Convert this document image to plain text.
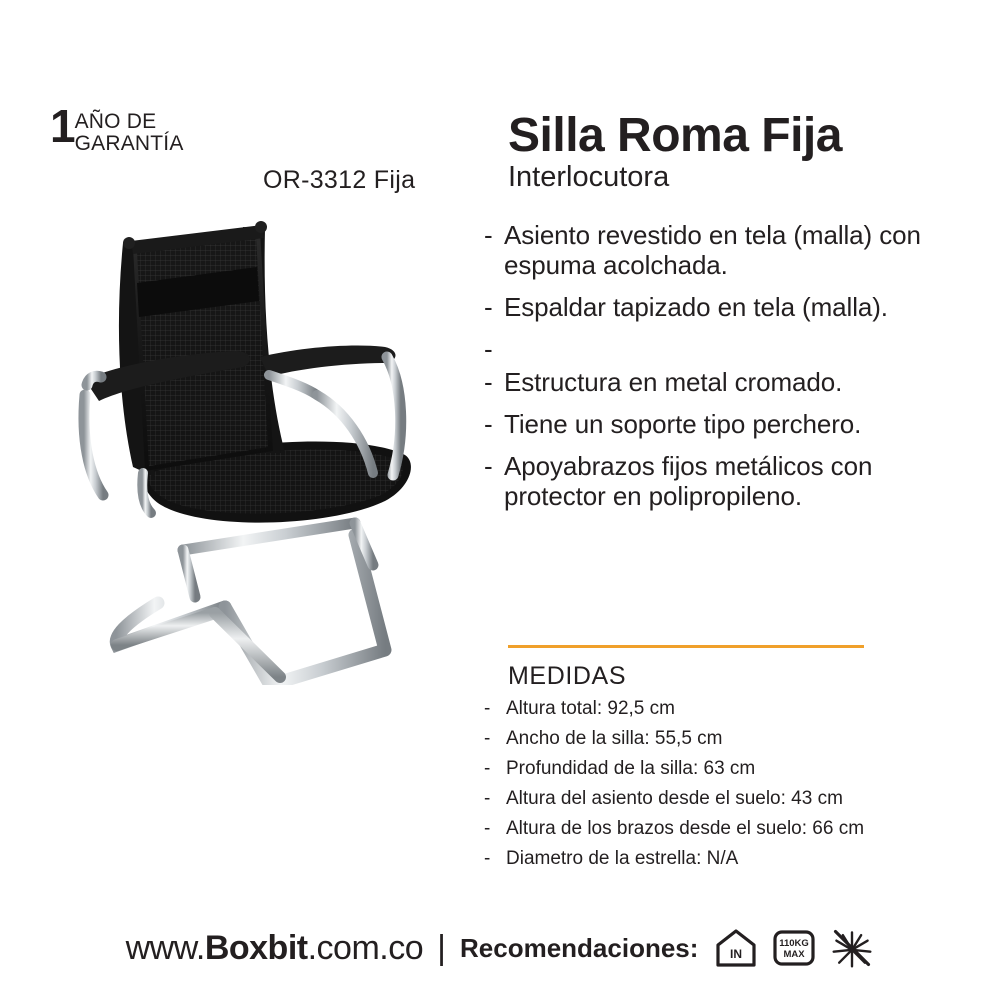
1 AÑO DE
GARANTÍA
OR-3312 Fija
Silla Roma Fija
Interlocutora
- Asiento revestido en tela (malla) con espuma acolchada.
- Espaldar tapizado en tela (malla).
-
- Estructura en metal cromado.
- Tiene un soporte tipo perchero.
- Apoyabrazos fijos metálicos con protector en polipropileno.
MEDIDAS
- Altura total: 92,5 cm
- Ancho de la silla: 55,5 cm
- Profundidad de la silla: 63 cm
- Altura del asiento desde el suelo: 43 cm
- Altura de los brazos desde el suelo: 66 cm
- Diametro de la estrella: N/A
www.Boxbit.com.co | Recomendaciones:	IN
110KG
MAX
